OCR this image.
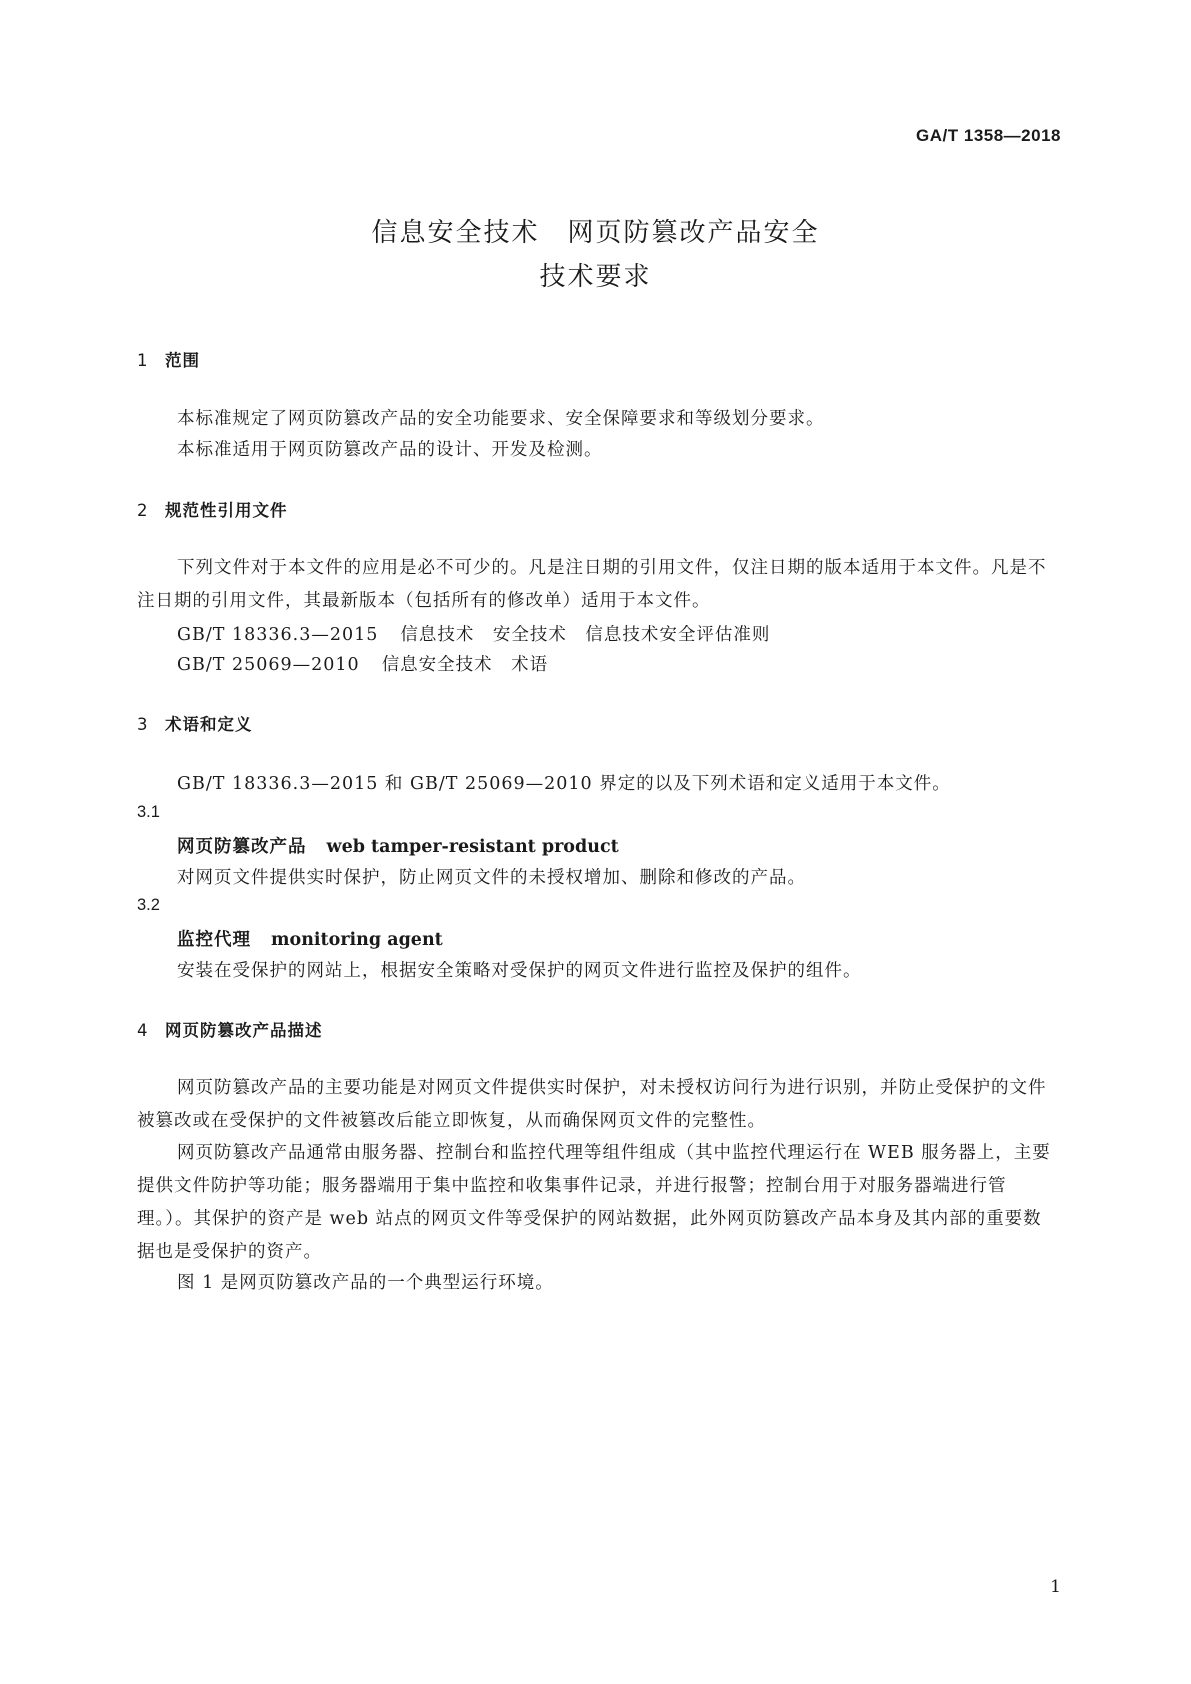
GA/T 1358—2018
信息安全技术　网页防篡改产品安全
技术要求
1 范围
本标准规定了网页防篡改产品的安全功能要求、安全保障要求和等级划分要求。
本标准适用于网页防篡改产品的设计、开发及检测。
2 规范性引用文件
下列文件对于本文件的应用是必不可少的。凡是注日期的引用文件，仅注日期的版本适用于本文件。凡是不注日期的引用文件，其最新版本（包括所有的修改单）适用于本文件。
GB/T 18336.3—2015 信息技术　安全技术　信息技术安全评估准则
GB/T 25069—2010 信息安全技术　术语
3 术语和定义
GB/T 18336.3—2015 和 GB/T 25069—2010 界定的以及下列术语和定义适用于本文件。
3.1
网页防篡改产品 web tamper-resistant product
对网页文件提供实时保护，防止网页文件的未授权增加、删除和修改的产品。
3.2
监控代理 monitoring agent
安装在受保护的网站上，根据安全策略对受保护的网页文件进行监控及保护的组件。
4 网页防篡改产品描述
网页防篡改产品的主要功能是对网页文件提供实时保护，对未授权访问行为进行识别，并防止受保护的文件被篡改或在受保护的文件被篡改后能立即恢复，从而确保网页文件的完整性。
网页防篡改产品通常由服务器、控制台和监控代理等组件组成（其中监控代理运行在 WEB 服务器上，主要提供文件防护等功能；服务器端用于集中监控和收集事件记录，并进行报警；控制台用于对服务器端进行管理。）。其保护的资产是 web 站点的网页文件等受保护的网站数据，此外网页防篡改产品本身及其内部的重要数据也是受保护的资产。
图 1 是网页防篡改产品的一个典型运行环境。
1
